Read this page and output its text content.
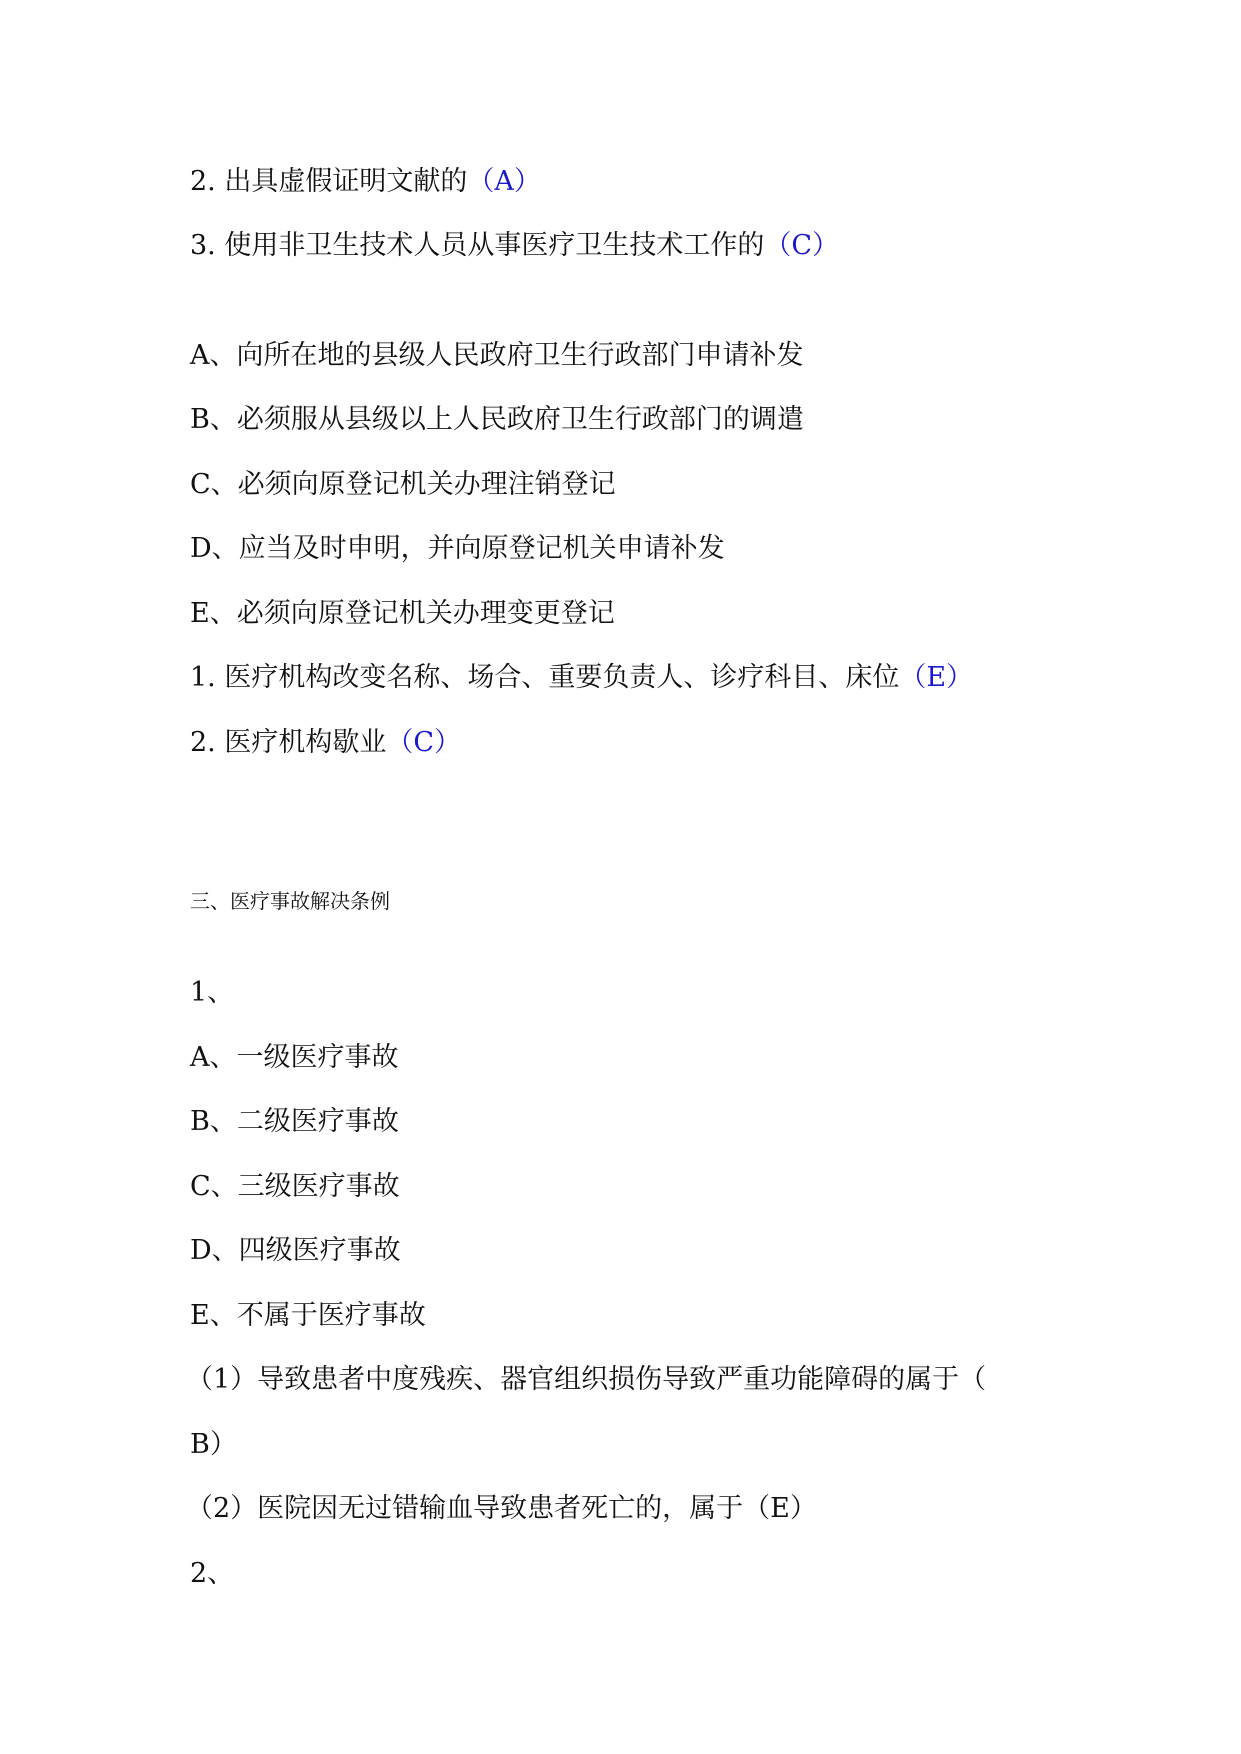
2. 出具虚假证明文献的（A）
3. 使用非卫生技术人员从事医疗卫生技术工作的（C）
A、向所在地的县级人民政府卫生行政部门申请补发
B、必须服从县级以上人民政府卫生行政部门的调遣
C、必须向原登记机关办理注销登记
D、应当及时申明，并向原登记机关申请补发
E、必须向原登记机关办理变更登记
1. 医疗机构改变名称、场合、重要负责人、诊疗科目、床位（E）
2. 医疗机构歇业（C）
三、医疗事故解决条例
1、
A、一级医疗事故
B、二级医疗事故
C、三级医疗事故
D、四级医疗事故
E、不属于医疗事故
（1）导致患者中度残疾、器官组织损伤导致严重功能障碍的属于（
B）
（2）医院因无过错输血导致患者死亡的，属于（E）
2、
